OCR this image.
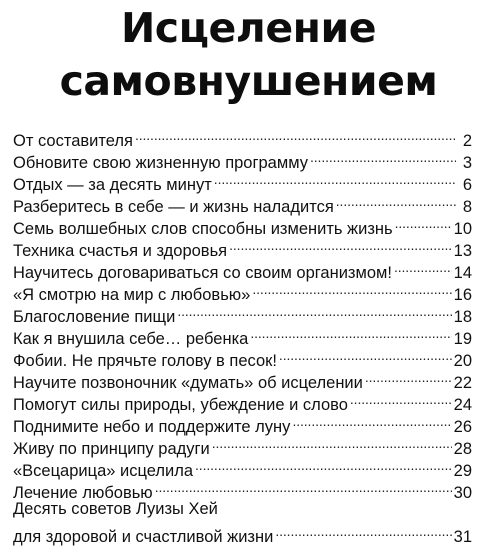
Исцеление
самовнушением
От составителя . . .	2
Обновите свою жизненную программу . . .	3
Отдых — за десять минут . . .	6
Разберитесь в себе — и жизнь наладится . . .	8
Семь волшебных слов способны изменить жизнь . . .	10
Техника счастья и здоровья . . .	13
Научитесь договариваться со своим организмом! . . .	14
«Я смотрю на мир с любовью» . . .	16
Благословение пищи . . .	18
Как я внушила себе… ребенка . . .	19
Фобии. Не прячьте голову в песок! . . .	20
Научите позвоночник «думать» об исцелении . . .	22
Помогут силы природы, убеждение и слово . . .	24
Поднимите небо и поддержите луну . . .	26
Живу по принципу радуги . . .	28
«Всецарица» исцелила . . .	29
Лечение любовью . . .	30
Десять советов Луизы Хей
для здоровой и счастливой жизни . . .	31
